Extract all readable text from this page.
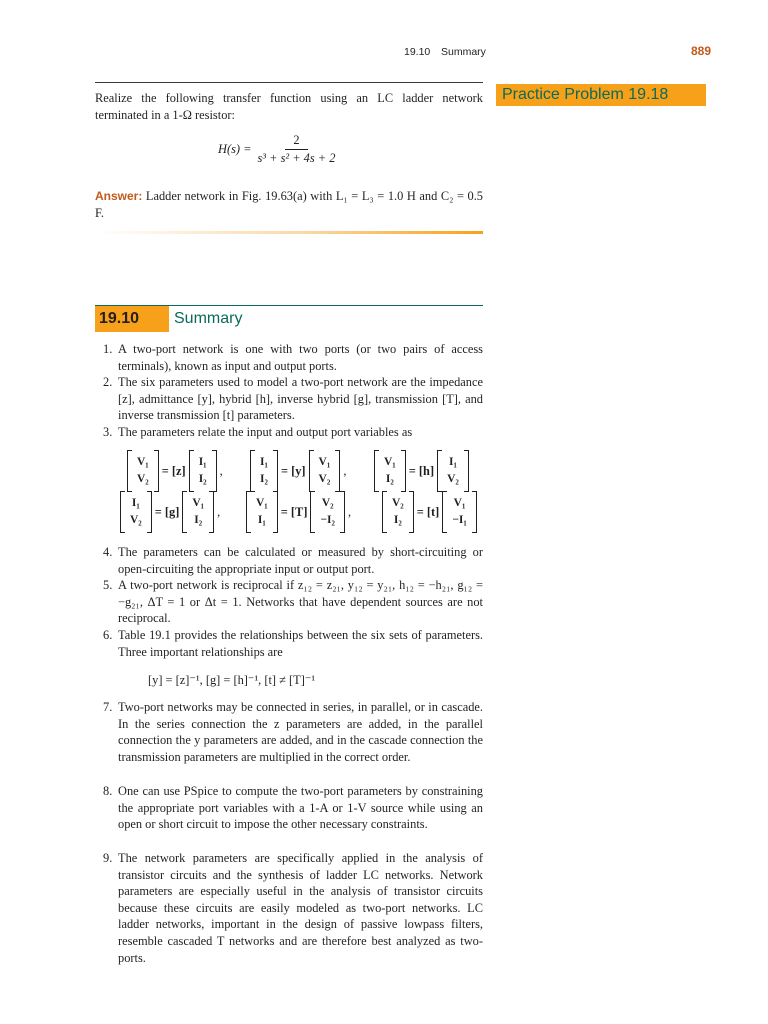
19.10 Summary	889
Practice Problem 19.18
Realize the following transfer function using an LC ladder network terminated in a 1-Ω resistor:
$H(s) = \frac{2}{\text{s³ + s² + 4s + 2}}$
Answer: Ladder network in Fig. 19.63(a) with L₁ = L₃ = 1.0 H and C₂ = 0.5 F.
19.10 Summary
1. A two-port network is one with two ports (or two pairs of access terminals), known as input and output ports.
2. The six parameters used to model a two-port network are the impedance [z], admittance [y], hybrid [h], inverse hybrid [g], transmission [T], and inverse transmission [t] parameters.
3. The parameters relate the input and output port variables as
V₁
V₂
= [z]
I₁
I₂
,
I₁
I₂
= [y]
V₁
V₂
,
V₁
I₂
= [h]
I₁
V₂
I₁
V₂
= [g]
V₁
I₂
,
V₁
I₁
= [T]
V₂
−I₂
,
V₂
I₂
= [t]
V₁
−I₁
4. The parameters can be calculated or measured by short-circuiting or open-circuiting the appropriate input or output port.
5. A two-port network is reciprocal if z₁₂ = z₂₁, y₁₂ = y₂₁, h₁₂ = −h₂₁, g₁₂ = −g₂₁, ΔT = 1 or Δt = 1. Networks that have dependent sources are not reciprocal.
6. Table 19.1 provides the relationships between the six sets of parameters. Three important relationships are
[y] = [z]⁻¹, [g] = [h]⁻¹, [t] ≠ [T]⁻¹
7. Two-port networks may be connected in series, in parallel, or in cascade. In the series connection the z parameters are added, in the parallel connection the y parameters are added, and in the cascade connection the transmission parameters are multiplied in the correct order.
8. One can use PSpice to compute the two-port parameters by constraining the appropriate port variables with a 1-A or 1-V source while using an open or short circuit to impose the other necessary constraints.
9. The network parameters are specifically applied in the analysis of transistor circuits and the synthesis of ladder LC networks. Network parameters are especially useful in the analysis of transistor circuits because these circuits are easily modeled as two-port networks. LC ladder networks, important in the design of passive lowpass filters, resemble cascaded T networks and are therefore best analyzed as two-ports.
